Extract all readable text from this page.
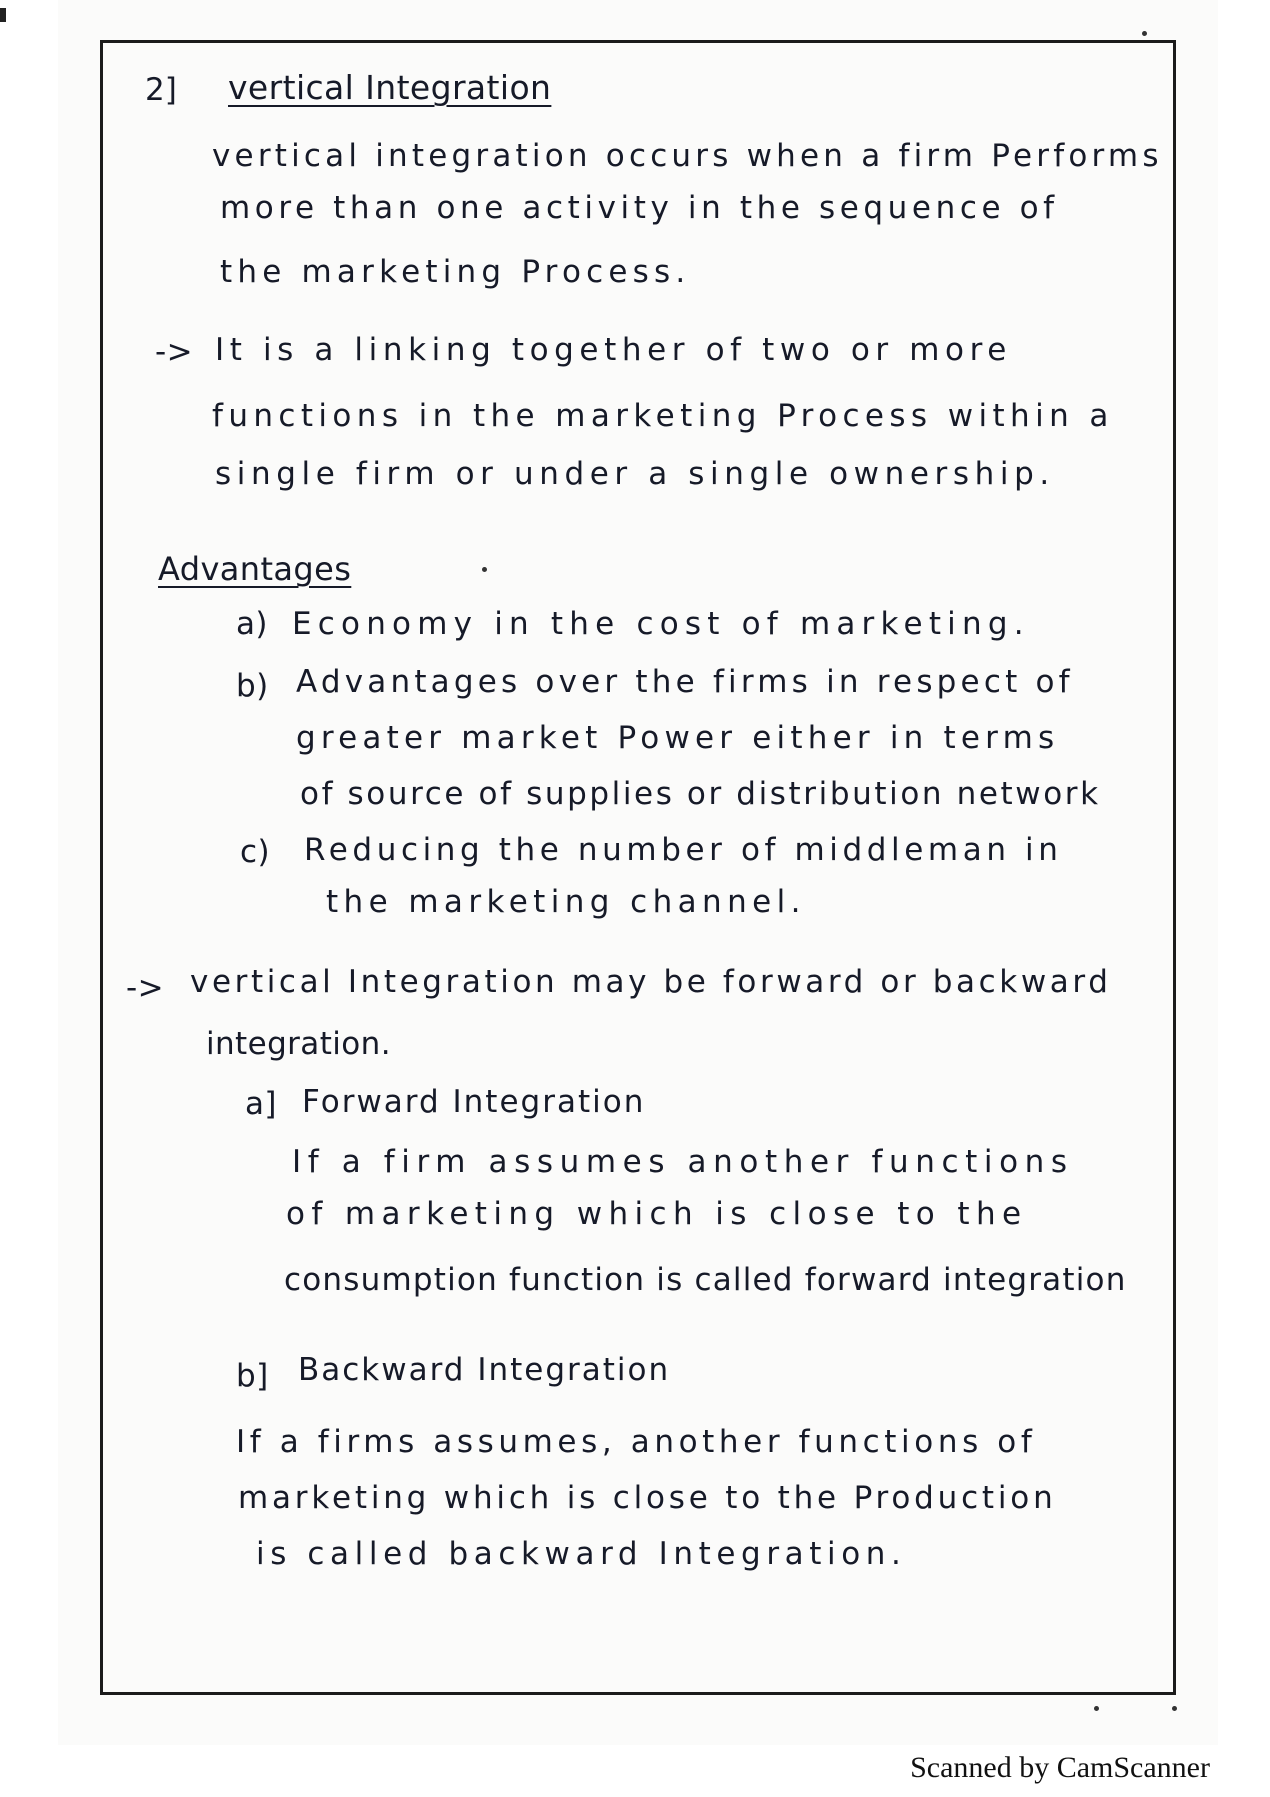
2] vertical Integration
vertical integration occurs when a firm Performs
more than one activity in the sequence of
the marketing Process.
-> It is a linking together of two or more
functions in the marketing Process within a
single firm or under a single ownership.
Advantages
a) Economy in the cost of marketing.
b) Advantages over the firms in respect of
greater market Power either in terms
of source of supplies or distribution network
c) Reducing the number of middleman in
the marketing channel.
-> vertical Integration may be forward or backward
integration.
a] Forward Integration
If a firm assumes another functions
of marketing which is close to the
consumption function is called forward integration
b] Backward Integration
If a firms assumes, another functions of
marketing which is close to the Production
is called backward Integration.
Scanned by CamScanner
